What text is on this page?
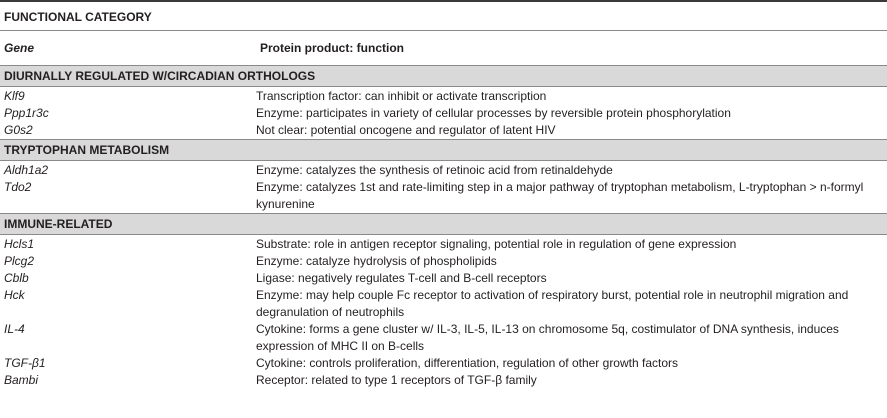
FUNCTIONAL CATEGORY
Gene	Protein product: function
DIURNALLY REGULATED W/CIRCADIAN ORTHOLOGS
Klf9	Transcription factor: can inhibit or activate transcription
Ppp1r3c	Enzyme: participates in variety of cellular processes by reversible protein phosphorylation
G0s2	Not clear: potential oncogene and regulator of latent HIV
TRYPTOPHAN METABOLISM
Aldh1a2	Enzyme: catalyzes the synthesis of retinoic acid from retinaldehyde
Tdo2	Enzyme: catalyzes 1st and rate-limiting step in a major pathway of tryptophan metabolism, L-tryptophan > n-formyl kynurenine
IMMUNE-RELATED
Hcls1	Substrate: role in antigen receptor signaling, potential role in regulation of gene expression
Plcg2	Enzyme: catalyze hydrolysis of phospholipids
Cblb	Ligase: negatively regulates T-cell and B-cell receptors
Hck	Enzyme: may help couple Fc receptor to activation of respiratory burst, potential role in neutrophil migration and degranulation of neutrophils
IL-4	Cytokine: forms a gene cluster w/ IL-3, IL-5, IL-13 on chromosome 5q, costimulator of DNA synthesis, induces expression of MHC II on B-cells
TGF-β1	Cytokine: controls proliferation, differentiation, regulation of other growth factors
Bambi	Receptor: related to type 1 receptors of TGF-β family
